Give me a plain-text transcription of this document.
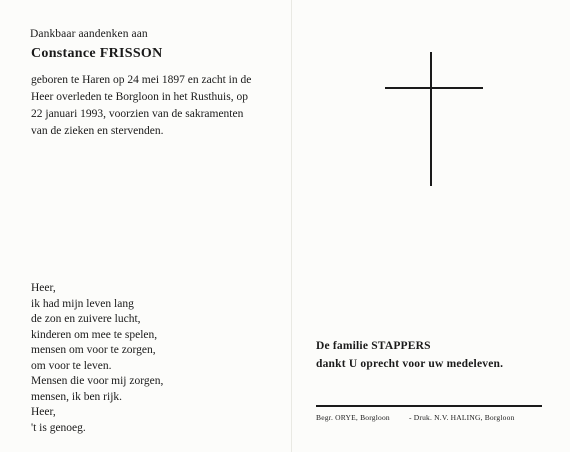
Dankbaar aandenken aan
Constance FRISSON
geboren te Haren op 24 mei 1897 en zacht in de
Heer overleden te Borgloon in het Rusthuis, op
22 januari 1993, voorzien van de sakramenten
van de zieken en stervenden.
Heer,
ik had mijn leven lang
de zon en zuivere lucht,
kinderen om mee te spelen,
mensen om voor te zorgen,
om voor te leven.
Mensen die voor mij zorgen,
mensen, ik ben rijk.
Heer,
't is genoeg.
De familie STAPPERS
dankt U oprecht voor uw medeleven.
Begr. ORYE, Borgloon	- Druk. N.V. HALING, Borgloon
